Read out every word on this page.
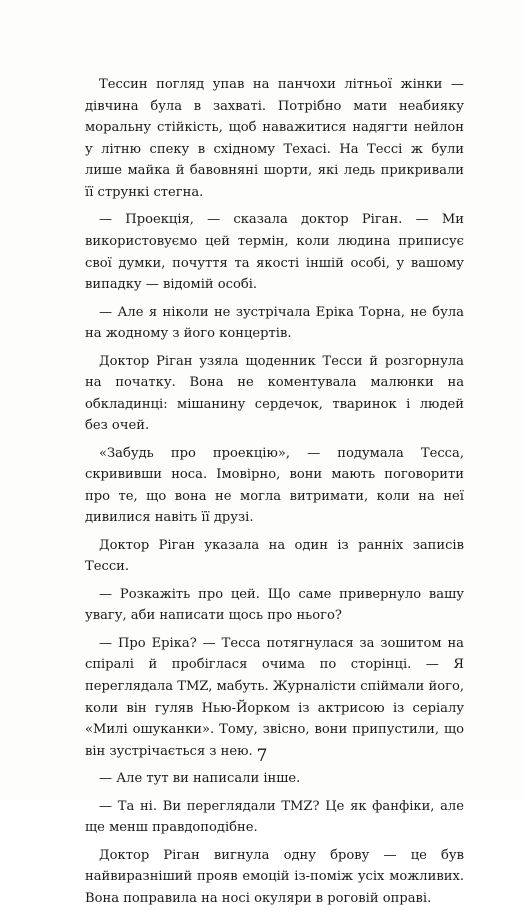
Тессин погляд упав на панчохи літньої жінки — дівчина була в захваті. Потрібно мати неабияку моральну стійкість, щоб наважитися надягти нейлон у літню спеку в східному Техасі. На Тессі ж були лише майка й бавовняні шорти, які ледь прикривали її стрункі стегна.

— Проекція, — сказала доктор Ріган. — Ми використовуємо цей термін, коли людина приписує свої думки, почуття та якості іншій особі, у вашому випадку — відомій особі.

— Але я ніколи не зустрічала Еріка Торна, не була на жодному з його концертів.

Доктор Ріган узяла щоденник Тесси й розгорнула на початку. Вона не коментувала малюнки на обкладинці: мішанину сердечок, тваринок і людей без очей.

«Забудь про проекцію», — подумала Тесса, скрививши носа. Імовірно, вони мають поговорити про те, що вона не могла витримати, коли на неї дивилися навіть її друзі.

Доктор Ріган указала на один із ранніх записів Тесси.

— Розкажіть про цей. Що саме привернуло вашу увагу, аби написати щось про нього?

— Про Еріка? — Тесса потягнулася за зошитом на спіралі й пробіглася очима по сторінці. — Я переглядала TMZ, мабуть. Журналісти спіймали його, коли він гуляв Нью-Йорком із актрисою із серіалу «Милі ошуканки». Тому, звісно, вони припустили, що він зустрічається з нею.

— Але тут ви написали інше.

— Та ні. Ви переглядали TMZ? Це як фанфіки, але ще менш правдоподібне.

Доктор Ріган вигнула одну брову — це був найвиразніший прояв емоцій із-поміж усіх можливих. Вона поправила на носі окуляри в роговій оправі.

7
